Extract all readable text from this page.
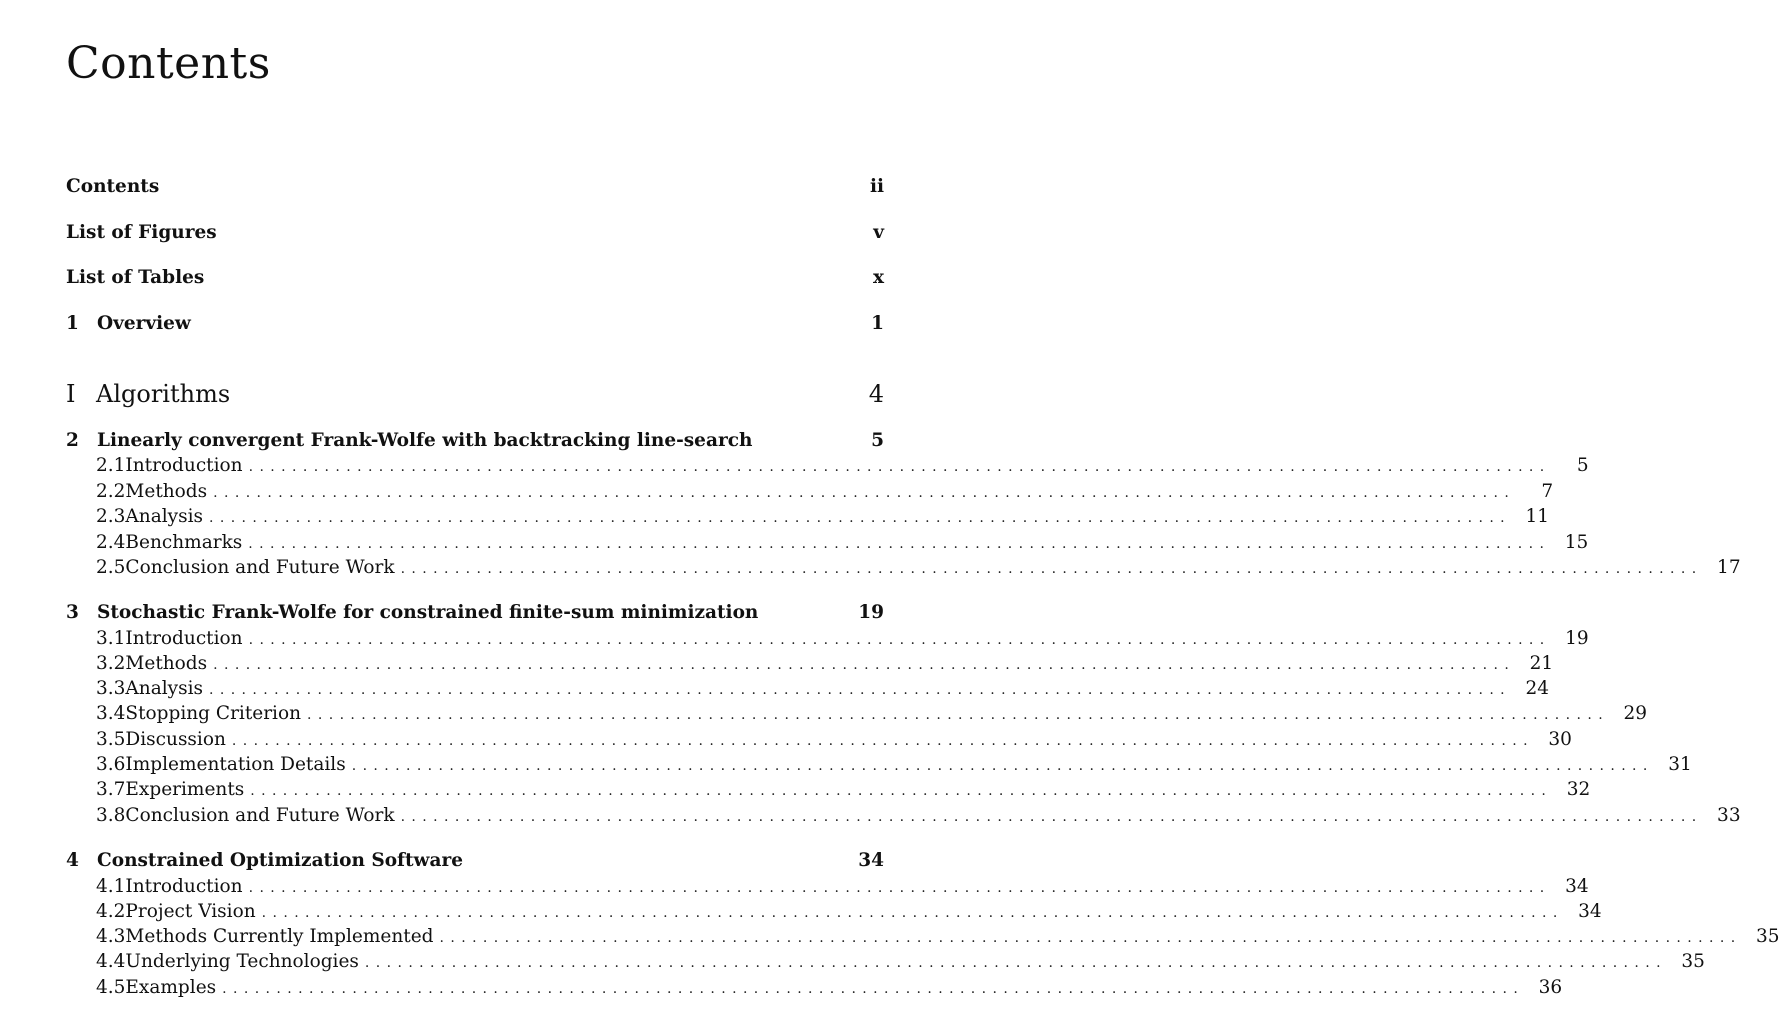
Contents
Contents	ii
List of Figures	v
List of Tables	x
1 Overview	1
I Algorithms	4
2 Linearly convergent Frank-Wolfe with backtracking line-search	5
2.1 Introduction ........................................................................................................................	5
2.2 Methods ........................................................................................................................	7
2.3 Analysis ........................................................................................................................ 11
2.4 Benchmarks ........................................................................................................................ 15
2.5 Conclusion and Future Work ........................................................................................................................ 17
3 Stochastic Frank-Wolfe for constrained finite-sum minimization	19
3.1 Introduction ........................................................................................................................ 19
3.2 Methods ........................................................................................................................ 21
3.3 Analysis ........................................................................................................................ 24
3.4 Stopping Criterion ........................................................................................................................ 29
3.5 Discussion ........................................................................................................................ 30
3.6 Implementation Details ........................................................................................................................ 31
3.7 Experiments ........................................................................................................................ 32
3.8 Conclusion and Future Work ........................................................................................................................ 33
4 Constrained Optimization Software	34
4.1 Introduction ........................................................................................................................ 34
4.2 Project Vision ........................................................................................................................ 34
4.3 Methods Currently Implemented ........................................................................................................................ 35
4.4 Underlying Technologies ........................................................................................................................ 35
4.5 Examples ........................................................................................................................ 36
